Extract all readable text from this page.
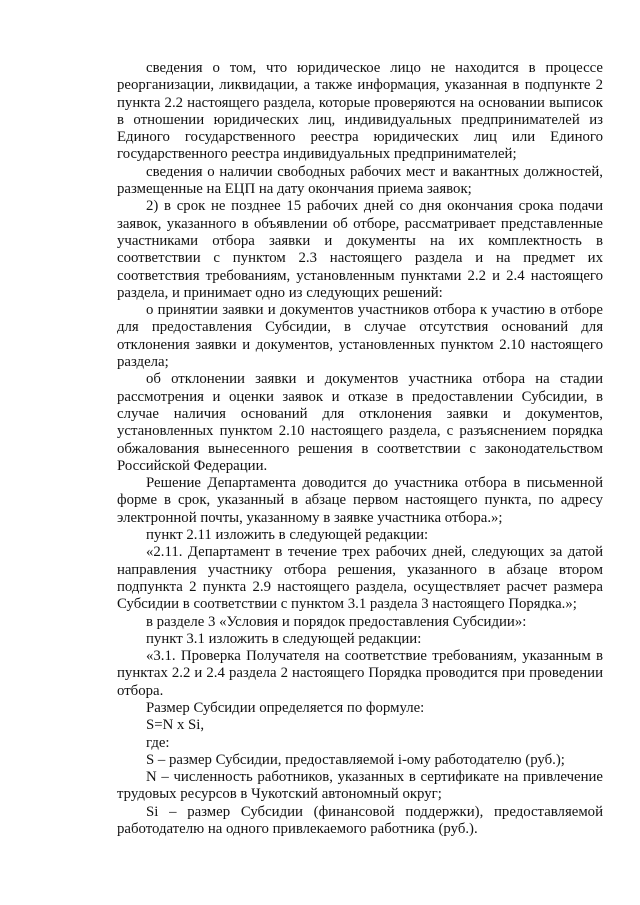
сведения о том, что юридическое лицо не находится в процессе реорганизации, ликвидации, а также информация, указанная в подпункте 2 пункта 2.2 настоящего раздела, которые проверяются на основании выписок в отношении юридических лиц, индивидуальных предпринимателей из Единого государственного реестра юридических лиц или Единого государственного реестра индивидуальных предпринимателей;

сведения о наличии свободных рабочих мест и вакантных должностей, размещенные на ЕЦП на дату окончания приема заявок;

2) в срок не позднее 15 рабочих дней со дня окончания срока подачи заявок, указанного в объявлении об отборе, рассматривает представленные участниками отбора заявки и документы на их комплектность в соответствии с пунктом 2.3 настоящего раздела и на предмет их соответствия требованиям, установленным пунктами 2.2 и 2.4 настоящего раздела, и принимает одно из следующих решений:

о принятии заявки и документов участников отбора к участию в отборе для предоставления Субсидии, в случае отсутствия оснований для отклонения заявки и документов, установленных пунктом 2.10 настоящего раздела;

об отклонении заявки и документов участника отбора на стадии рассмотрения и оценки заявок и отказе в предоставлении Субсидии, в случае наличия оснований для отклонения заявки и документов, установленных пунктом 2.10 настоящего раздела, с разъяснением порядка обжалования вынесенного решения в соответствии с законодательством Российской Федерации.

Решение Департамента доводится до участника отбора в письменной форме в срок, указанный в абзаце первом настоящего пункта, по адресу электронной почты, указанному в заявке участника отбора.»;

пункт 2.11 изложить в следующей редакции:

«2.11. Департамент в течение трех рабочих дней, следующих за датой направления участнику отбора решения, указанного в абзаце втором подпункта 2 пункта 2.9 настоящего раздела, осуществляет расчет размера Субсидии в соответствии с пунктом 3.1 раздела 3 настоящего Порядка.»;

в разделе 3 «Условия и порядок предоставления Субсидии»:

пункт 3.1 изложить в следующей редакции:

«3.1. Проверка Получателя на соответствие требованиям, указанным в пунктах 2.2 и 2.4 раздела 2 настоящего Порядка проводится при проведении отбора.

Размер Субсидии определяется по формуле:

S=N x Si,

где:

S – размер Субсидии, предоставляемой i-ому работодателю (руб.);

N – численность работников, указанных в сертификате на привлечение трудовых ресурсов в Чукотский автономный округ;

Si – размер Субсидии (финансовой поддержки), предоставляемой работодателю на одного привлекаемого работника (руб.).
